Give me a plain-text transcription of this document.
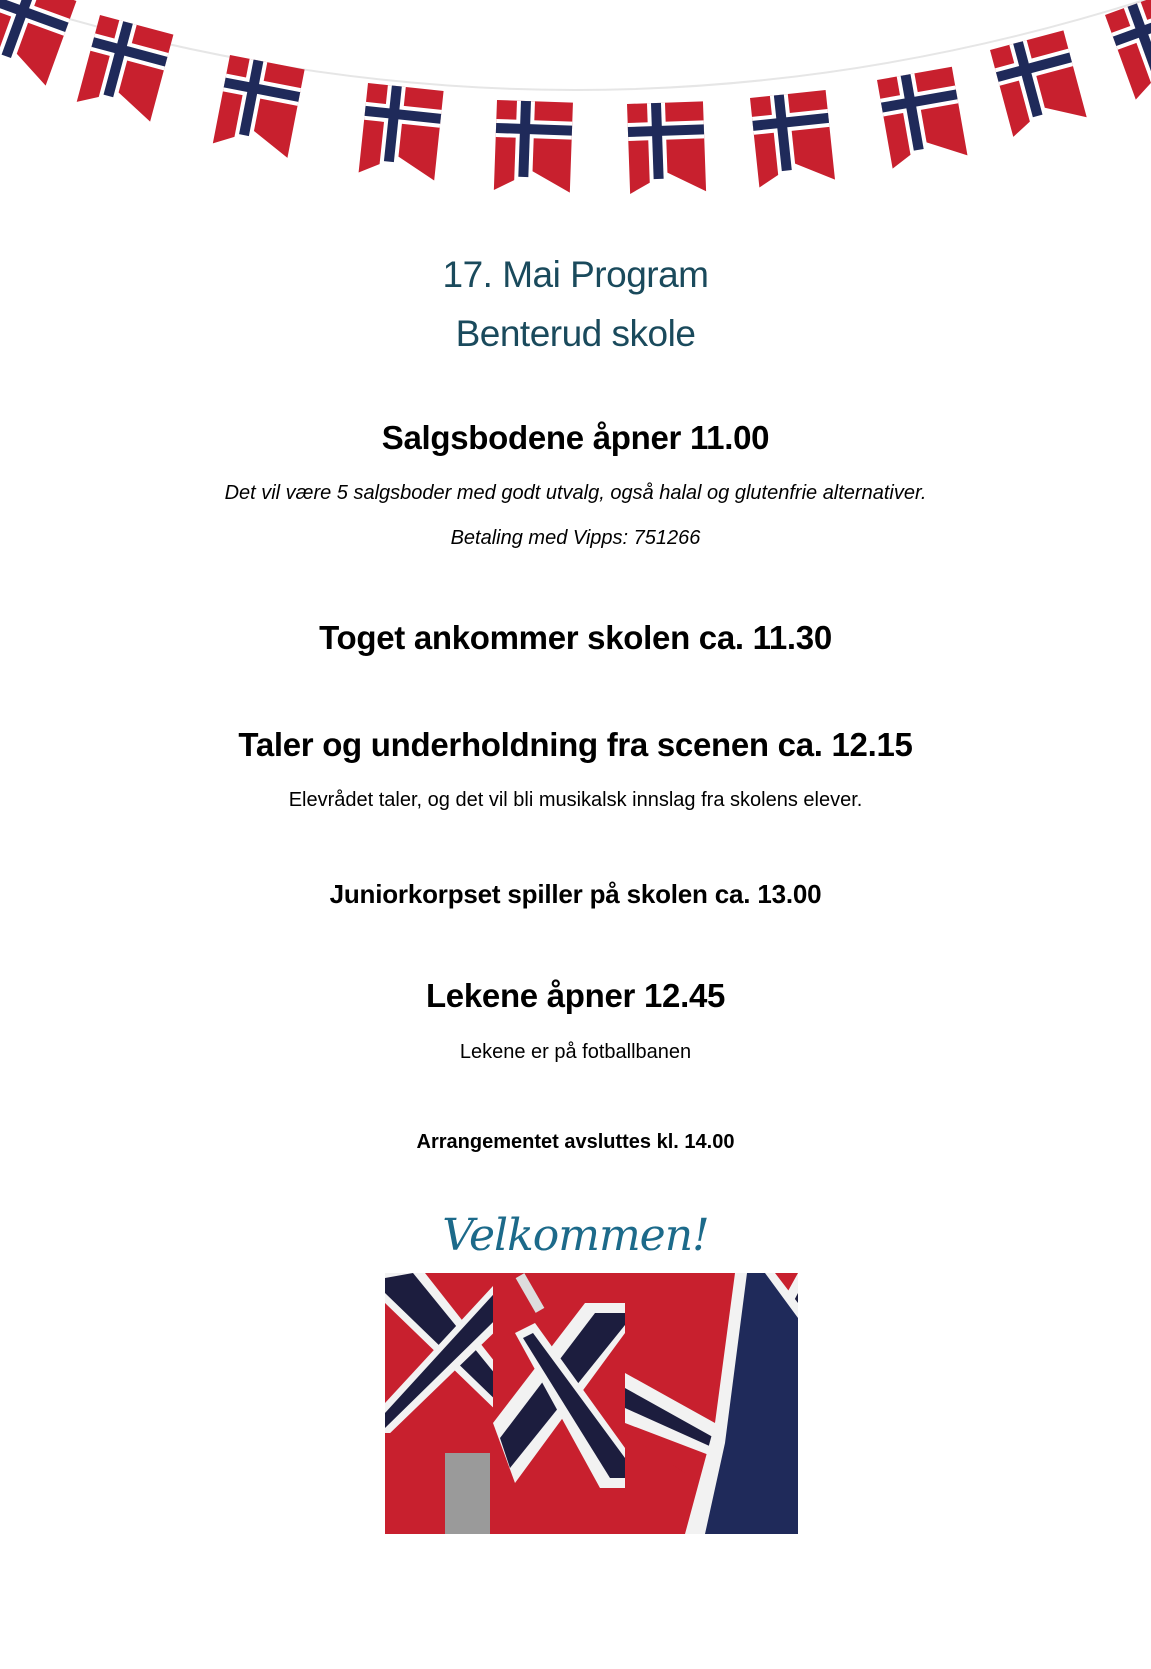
17. Mai Program
Benterud skole
Salgsbodene åpner 11.00
Det vil være 5 salgsboder med godt utvalg, også halal og glutenfrie alternativer.
Betaling med Vipps: 751266
Toget ankommer skolen ca. 11.30
Taler og underholdning fra scenen ca. 12.15
Elevrådet taler, og det vil bli musikalsk innslag fra skolens elever.
Juniorkorpset spiller på skolen ca. 13.00
Lekene åpner 12.45
Lekene er på fotballbanen
Arrangementet avsluttes kl. 14.00
Velkommen!
